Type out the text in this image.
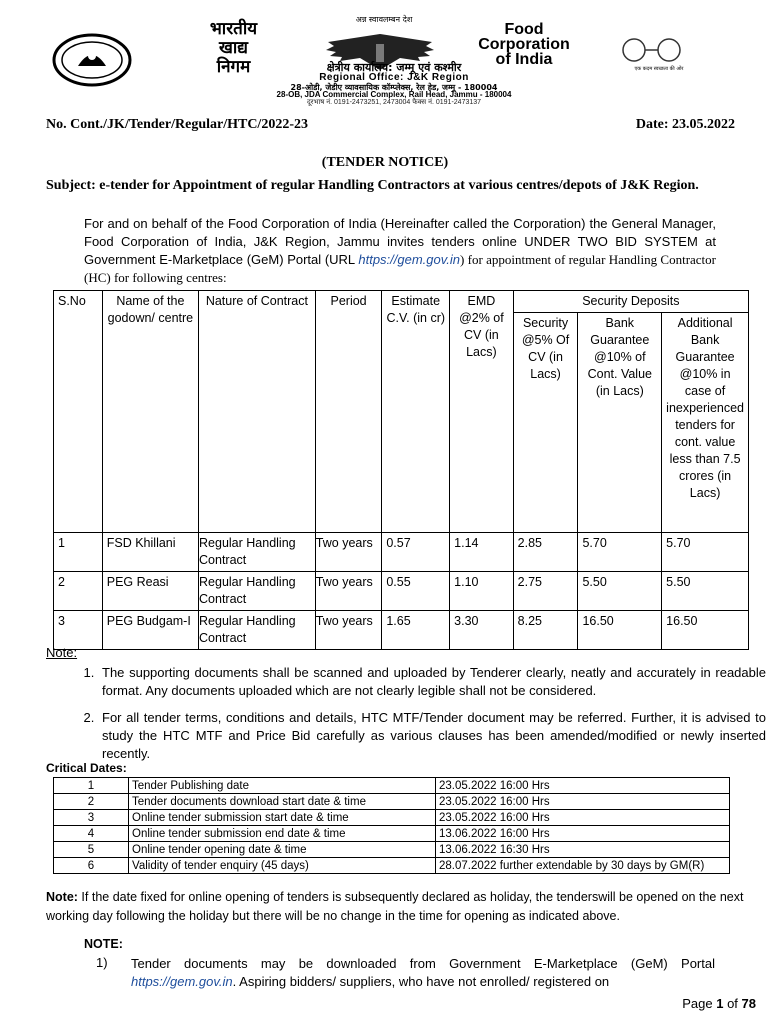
भारतीय
खाद्य
निगम
अन्न स्वावलम्बन देश
Food
Corporation
of India
एक कदम स्वच्छता की ओर
क्षेत्रीय कार्यालय: जम्मू एवं कश्मीर
Regional Office: J&K Region
28-ओडी, जेडीए व्यावसायिक कॉम्प्लेक्स, रेल हेड, जम्मू - 180004
28-OB, JDA Commercial Complex, Rail Head, Jammu - 180004
दूरभाष नं. 0191-2473251, 2473004 फैक्स नं. 0191-2473137
No. Cont./JK/Tender/Regular/HTC/2022-23	Date: 23.05.2022
(TENDER NOTICE)
Subject: e-tender for Appointment of regular Handling Contractors at various centres/depots of J&K Region.
For and on behalf of the Food Corporation of India (Hereinafter called the Corporation) the General Manager, Food Corporation of India, J&K Region, Jammu invites tenders online UNDER TWO BID SYSTEM at Government E-Marketplace (GeM) Portal (URL https://gem.gov.in) for appointment of regular Handling Contractor (HC) for following centres:
S.No	Name of the godown/ centre	Nature of Contract	Period	Estimate C.V. (in cr)	EMD @2% of CV (in Lacs)	Security Deposits		
						Security @5% Of CV (in Lacs)	Bank Guarantee @10% of Cont. Value (in Lacs)	Additional Bank Guarantee @10% in case of inexperienced tenders for cont. value less than 7.5 crores (in Lacs)
1	FSD Khillani	Regular Handling Contract	Two years	0.57	1.14	2.85	5.70	5.70
2	PEG Reasi	Regular Handling Contract	Two years	0.55	1.10	2.75	5.50	5.50
3	PEG Budgam-I	Regular Handling Contract	Two years	1.65	3.30	8.25	16.50	16.50
Note:
1. The supporting documents shall be scanned and uploaded by Tenderer clearly, neatly and accurately in readable format. Any documents uploaded which are not clearly legible shall not be considered.
2. For all tender terms, conditions and details, HTC MTF/Tender document may be referred. Further, it is advised to study the HTC MTF and Price Bid carefully as various clauses has been amended/modified or newly inserted recently.
Critical Dates:
1	Tender Publishing date	23.05.2022 16:00 Hrs
2	Tender documents download start date & time	23.05.2022 16:00 Hrs
3	Online tender submission start date & time	23.05.2022 16:00 Hrs
4	Online tender submission end date & time	13.06.2022 16:00 Hrs
5	Online tender opening date & time	13.06.2022 16:30 Hrs
6	Validity of tender enquiry (45 days)	28.07.2022 further extendable by 30 days by GM(R)
Note: If the date fixed for online opening of tenders is subsequently declared as holiday, the tenderswill be opened on the next working day following the holiday but there will be no change in the time for opening as indicated above.
NOTE:
1) Tender documents may be downloaded from Government E-Marketplace (GeM) Portal https://gem.gov.in. Aspiring bidders/ suppliers, who have not enrolled/ registered on
Page 1 of 78
